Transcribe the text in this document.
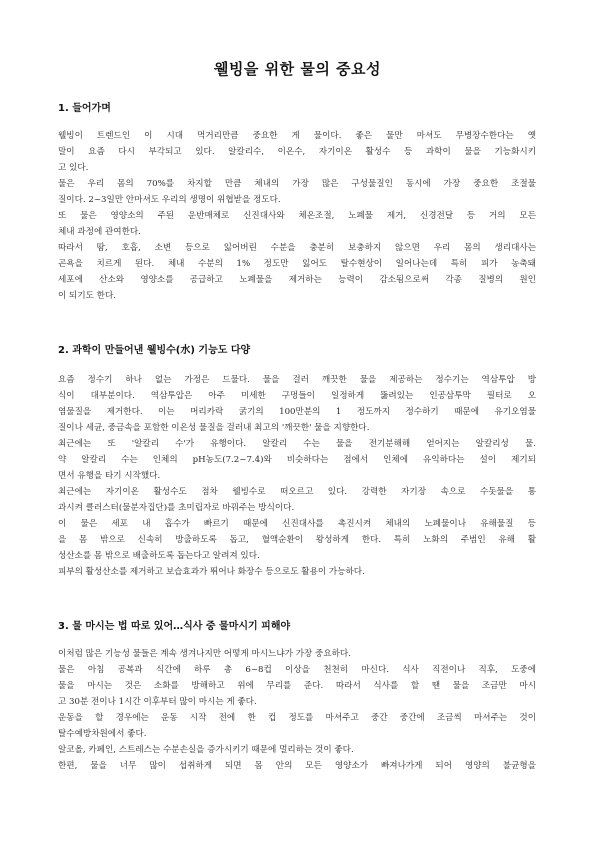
웰빙을 위한 물의 중요성
1. 들어가며
웰빙이 트렌드인 이 시대 먹거리만큼 중요한 게 물이다. 좋은 물만 마셔도 무병장수한다는 옛
말이 요즘 다시 부각되고 있다. 알칼리수, 이온수, 자기이온 활성수 등 과학이 물을 기능화시키
고 있다.
물은 우리 몸의 70%를 차지할 만큼 체내의 가장 많은 구성물질인 동시에 가장 중요한 조절물
질이다. 2~3일만 안마셔도 우리의 생명이 위협받을 정도다.
또 물은 영양소의 주된 운반매체로 신진대사와 체온조절, 노폐물 제거, 신경전달 등 거의 모든
체내 과정에 관여한다.
따라서 땀, 호흡, 소변 등으로 잃어버린 수분을 충분히 보충하지 않으면 우리 몸의 생리대사는
곤욕을 치르게 된다. 체내 수분의 1% 정도만 잃어도 탈수현상이 일어나는데 특히 피가 농축돼
세포에 산소와 영양소를 공급하고 노폐물을 제거하는 능력이 감소됨으로써 각종 질병의 원인
이 되기도 한다.
2. 과학이 만들어낸 웰빙수(水) 기능도 다양
요즘 정수기 하나 없는 가정은 드물다. 물을 걸러 깨끗한 물을 제공하는 정수기는 역삼투압 방
식이 대부분이다. 역삼투압은 아주 미세한 구멍들이 일정하게 뚫려있는 인공삼투막 필터로 오
염물질을 제거한다. 이는 머리카락 굵기의 100만분의 1 정도까지 정수하기 때문에 유기오염물
질이나 세균, 중금속을 포함한 이온성 물질을 걸러내 최고의 '깨끗한' 물을 지향한다.
최근에는 또 '알칼리 수'가 유행이다. 알칼리 수는 물을 전기분해해 얻어지는 알칼리성 물.
약 알칼리 수는 인체의 pH농도(7.2~7.4)와 비슷하다는 점에서 인체에 유익하다는 설이 제기되
면서 유행을 타기 시작했다.
최근에는 자기이온 활성수도 점차 웰빙수로 떠오르고 있다. 강력한 자기장 속으로 수돗물을 통
과시켜 클러스터(물분자집단)를 초미립자로 바꿔주는 방식이다.
이 물은 세포 내 흡수가 빠르기 때문에 신진대사를 촉진시켜 체내의 노폐물이나 유해물질 등
을 몸 밖으로 신속히 방출하도록 돕고, 혈액순환이 왕성하게 한다. 특히 노화의 주범인 유해 활
성산소를 몸 밖으로 배출하도록 돕는다고 알려져 있다.
피부의 활성산소를 제거하고 보습효과가 뛰어나 화장수 등으로도 활용이 가능하다.
3. 물 마시는 법 따로 있어…식사 중 물마시기 피해야
이처럼 많은 기능성 물들은 계속 생겨나지만 어떻게 마시느냐가 가장 중요하다.
물은 아침 공복과 식간에 하루 총 6~8컵 이상을 천천히 마신다. 식사 직전이나 직후, 도중에
물을 마시는 것은 소화를 방해하고 위에 무리를 준다. 따라서 식사를 할 땐 물을 조금만 마시
고 30분 전이나 1시간 이후부터 많이 마시는 게 좋다.
운동을 할 경우에는 운동 시작 전에 한 컵 정도를 마셔주고 중간 중간에 조금씩 마셔주는 것이
탈수예방차원에서 좋다.
알코올, 카페인, 스트레스는 수분손실을 증가시키기 때문에 멀리하는 것이 좋다.
한편, 물을 너무 많이 섭취하게 되면 몸 안의 모든 영양소가 빠져나가게 되어 영양의 불균형을
